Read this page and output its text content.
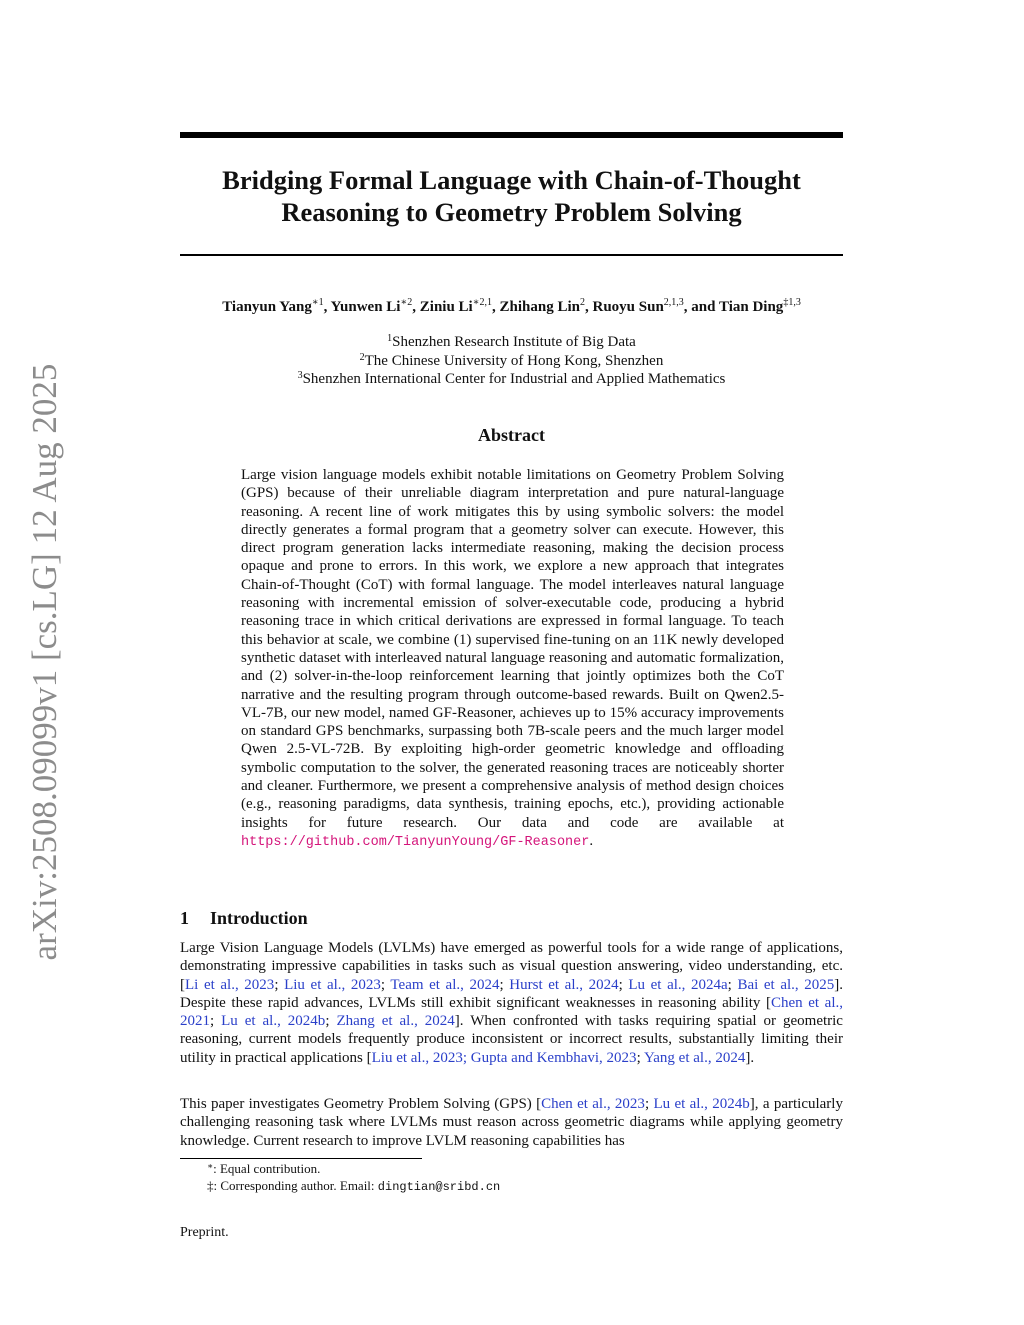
arXiv:2508.09099v1 [cs.LG] 12 Aug 2025
Bridging Formal Language with Chain-of-Thought
Reasoning to Geometry Problem Solving
Tianyun Yang$^{∗1}$, Yunwen $Li^{∗2}$, Ziniu $Li^{∗2,1}$, Zhihang Lin$^2$, Ruoyu Sun$^{2,1,3}$, and Tian Ding$^{\ddagger 1,3}$
$^1$Shenzhen Research Institute of Big Data
$^2$The Chinese University of Hong Kong, Shenzhen
$^3$Shenzhen International Center for Industrial and Applied Mathematics
Abstract
Large vision language models exhibit notable limitations on Geometry Problem Solving (GPS) because of their unreliable diagram interpretation and pure natural-language reasoning. A recent line of work mitigates this by using symbolic solvers: the model directly generates a formal program that a geometry solver can execute. However, this direct program generation lacks intermediate reasoning, making the decision process opaque and prone to errors. In this work, we explore a new approach that integrates Chain-of-Thought (CoT) with formal language. The model interleaves natural language reasoning with incremental emission of solver-executable code, producing a hybrid reasoning trace in which critical derivations are expressed in formal language. To teach this behavior at scale, we combine (1) supervised fine-tuning on an 11K newly developed synthetic dataset with interleaved natural language reasoning and automatic formalization, and (2) solver-in-the-loop reinforcement learning that jointly optimizes both the CoT narrative and the resulting program through outcome-based rewards. Built on Qwen2.5-VL-7B, our new model, named GF-Reasoner, achieves up to 15% accuracy improvements on standard GPS benchmarks, surpassing both 7B-scale peers and the much larger model Qwen 2.5-VL-72B. By exploiting high-order geometric knowledge and offloading symbolic computation to the solver, the generated reasoning traces are noticeably shorter and cleaner. Furthermore, we present a comprehensive analysis of method design choices (e.g., reasoning paradigms, data synthesis, training epochs, etc.), providing actionable insights for future research. Our data and code are available at https://github.com/TianyunYoung/GF-Reasoner.
1 Introduction
Large Vision Language Models (LVLMs) have emerged as powerful tools for a wide range of applications, demonstrating impressive capabilities in tasks such as visual question answering, video understanding, etc. [Li et al., 2023; Liu et al., 2023; Team et al., 2024; Hurst et al., 2024; Lu et al., 2024a; Bai et al., 2025]. Despite these rapid advances, LVLMs still exhibit significant weaknesses in reasoning ability [Chen et al., 2021; Lu et al., 2024b; Zhang et al., 2024]. When confronted with tasks requiring spatial or geometric reasoning, current models frequently produce inconsistent or incorrect results, substantially limiting their utility in practical applications [Liu et al., 2023; Gupta and Kembhavi, 2023; Yang et al., 2024].
This paper investigates Geometry Problem Solving (GPS) [Chen et al., 2023; Lu et al., 2024b], a particularly challenging reasoning task where LVLMs must reason across geometric diagrams while applying geometry knowledge. Current research to improve LVLM reasoning capabilities has
∗: Equal contribution.
‡: Corresponding author. Email: dingtian@sribd.cn
Preprint.
